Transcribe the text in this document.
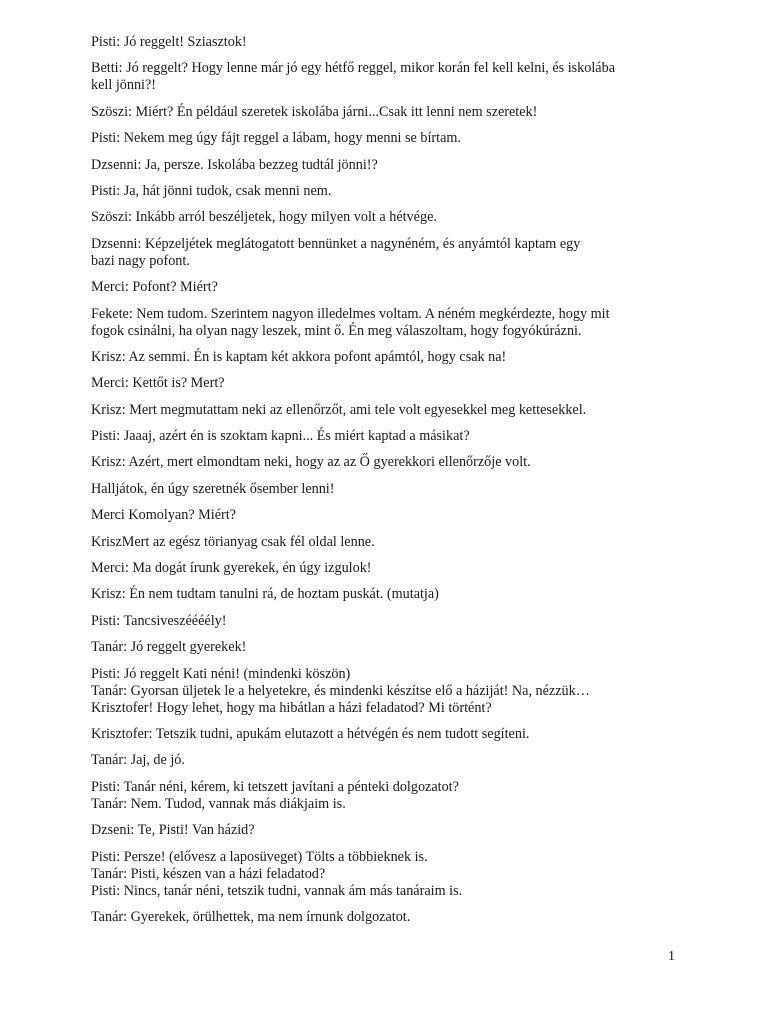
Pisti: Jó reggelt! Sziasztok!
Betti: Jó reggelt? Hogy lenne már jó egy hétfő reggel, mikor korán fel kell kelni, és iskolába
kell jönni?!
Szöszi: Miért? Én például szeretek iskolába járni...Csak itt lenni nem szeretek!
Pisti: Nekem meg úgy fájt reggel a lábam, hogy menni se bírtam.
Dzsenni: Ja, persze. Iskolába bezzeg tudtál jönni!?
Pisti: Ja, hát jönni tudok, csak menni nem.
Szöszi: Inkább arról beszéljetek, hogy milyen volt a hétvége.
Dzsenni: Képzeljétek meglátogatott bennünket a nagynéném, és anyámtól kaptam egy
bazi nagy pofont.
Merci: Pofont? Miért?
Fekete: Nem tudom. Szerintem nagyon illedelmes voltam. A néném megkérdezte, hogy mit
fogok csinálni, ha olyan nagy leszek, mint ő. Én meg válaszoltam, hogy fogyókúrázni.
Krisz: Az semmi. Én is kaptam két akkora pofont apámtól, hogy csak na!
Merci: Kettőt is? Mert?
Krisz: Mert megmutattam neki az ellenőrzőt, ami tele volt egyesekkel meg kettesekkel.
Pisti: Jaaaj, azért én is szoktam kapni... És miért kaptad a másikat?
Krisz: Azért, mert elmondtam neki, hogy az az Ő gyerekkori ellenőrzője volt.
Halljátok, én úgy szeretnék ősember lenni!
Merci Komolyan? Miért?
KriszMert az egész törianyag csak fél oldal lenne.
Merci: Ma dogát írunk gyerekek, én úgy izgulok!
Krisz: Én nem tudtam tanulni rá, de hoztam puskát. (mutatja)
Pisti: Tancsiveszéééély!
Tanár: Jó reggelt gyerekek!
Pisti: Jó reggelt Kati néni! (mindenki köszön)
Tanár: Gyorsan üljetek le a helyetekre, és mindenki készítse elő a háziját! Na, nézzük…
Krisztofer! Hogy lehet, hogy ma hibátlan a házi feladatod? Mi történt?
Krisztofer: Tetszik tudni, apukám elutazott a hétvégén és nem tudott segíteni.
Tanár: Jaj, de jó.
Pisti: Tanár néni, kérem, ki tetszett javítani a pénteki dolgozatot?
Tanár: Nem. Tudod, vannak más diákjaim is.
Dzseni: Te, Pisti! Van házid?
Pisti: Persze! (elővesz a laposüveget) Tölts a többieknek is.
Tanár: Pisti, készen van a házi feladatod?
Pisti: Nincs, tanár néni, tetszik tudni, vannak ám más tanáraim is.
Tanár: Gyerekek, örülhettek, ma nem írnunk dolgozatot.
1
